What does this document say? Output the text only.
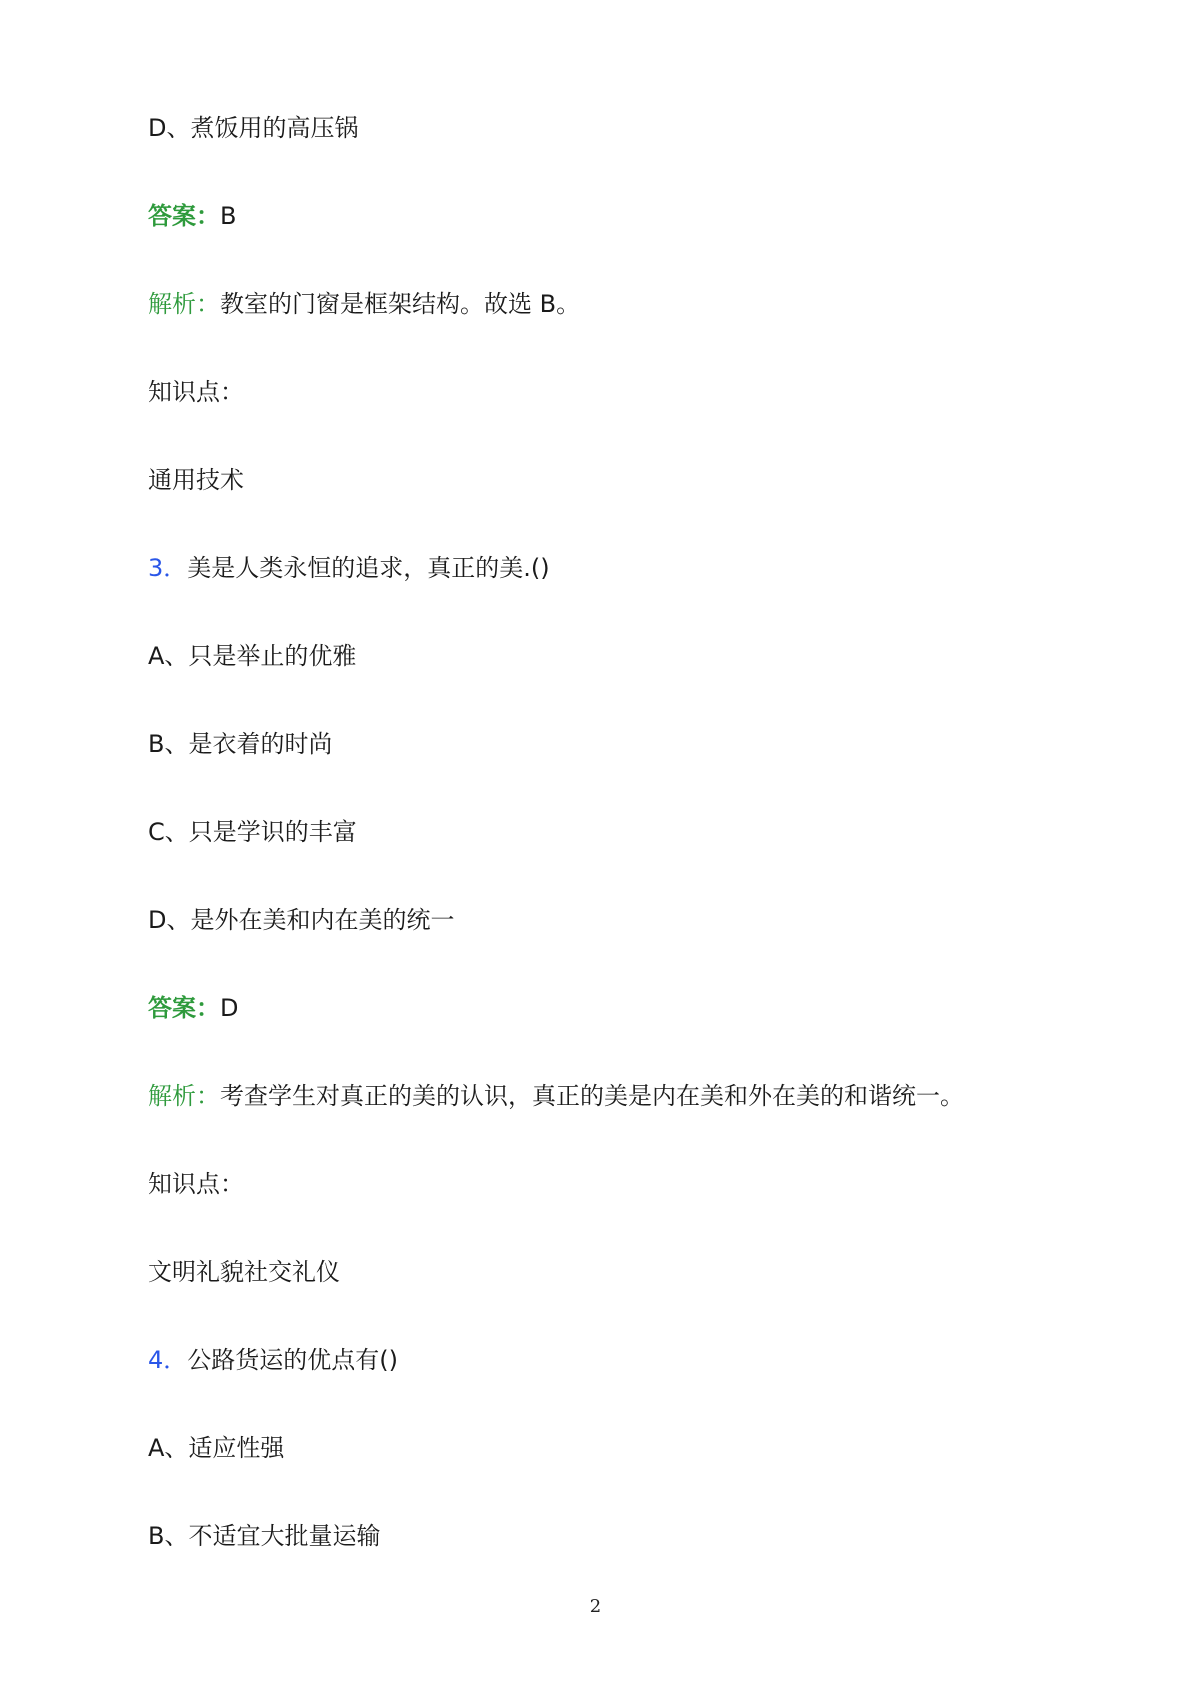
D、煮饭用的高压锅
答案：B
解析：教室的门窗是框架结构。故选 B。
知识点：
通用技术
3．美是人类永恒的追求，真正的美.()
A、只是举止的优雅
B、是衣着的时尚
C、只是学识的丰富
D、是外在美和内在美的统一
答案：D
解析：考查学生对真正的美的认识，真正的美是内在美和外在美的和谐统一。
知识点：
文明礼貌社交礼仪
4．公路货运的优点有()
A、适应性强
B、不适宜大批量运输
2
